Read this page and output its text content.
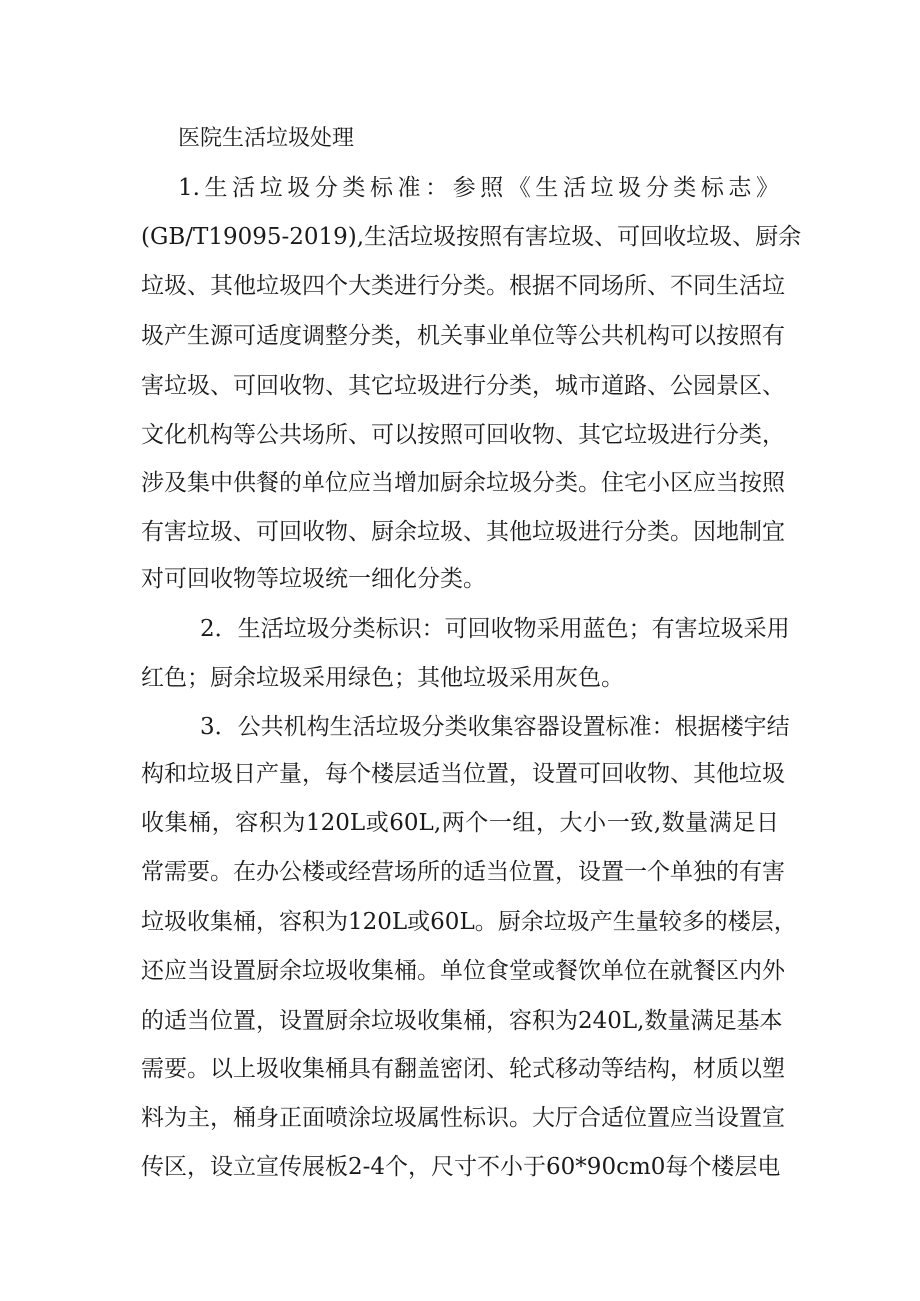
医院生活垃圾处理

1.生活垃圾分类标准：参照《生活垃圾分类标志》

(GB/T19095-2019),生活垃圾按照有害垃圾、可回收垃圾、厨余

垃圾、其他垃圾四个大类进行分类。根据不同场所、不同生活垃

圾产生源可适度调整分类，机关事业单位等公共机构可以按照有

害垃圾、可回收物、其它垃圾进行分类，城市道路、公园景区、

文化机构等公共场所、可以按照可回收物、其它垃圾进行分类，

涉及集中供餐的单位应当增加厨余垃圾分类。住宅小区应当按照

有害垃圾、可回收物、厨余垃圾、其他垃圾进行分类。因地制宜

对可回收物等垃圾统一细化分类。

2．生活垃圾分类标识：可回收物采用蓝色；有害垃圾采用

红色；厨余垃圾采用绿色；其他垃圾采用灰色。

3．公共机构生活垃圾分类收集容器设置标准：根据楼宇结

构和垃圾日产量，每个楼层适当位置，设置可回收物、其他垃圾

收集桶，容积为120L或60L,两个一组，大小一致,数量满足日

常需要。在办公楼或经营场所的适当位置，设置一个单独的有害

垃圾收集桶，容积为120L或60L。厨余垃圾产生量较多的楼层，

还应当设置厨余垃圾收集桶。单位食堂或餐饮单位在就餐区内外

的适当位置，设置厨余垃圾收集桶，容积为240L,数量满足基本

需要。以上圾收集桶具有翻盖密闭、轮式移动等结构，材质以塑

料为主，桶身正面喷涂垃圾属性标识。大厅合适位置应当设置宣

传区，设立宣传展板2-4个，尺寸不小于60*90cm0每个楼层电
